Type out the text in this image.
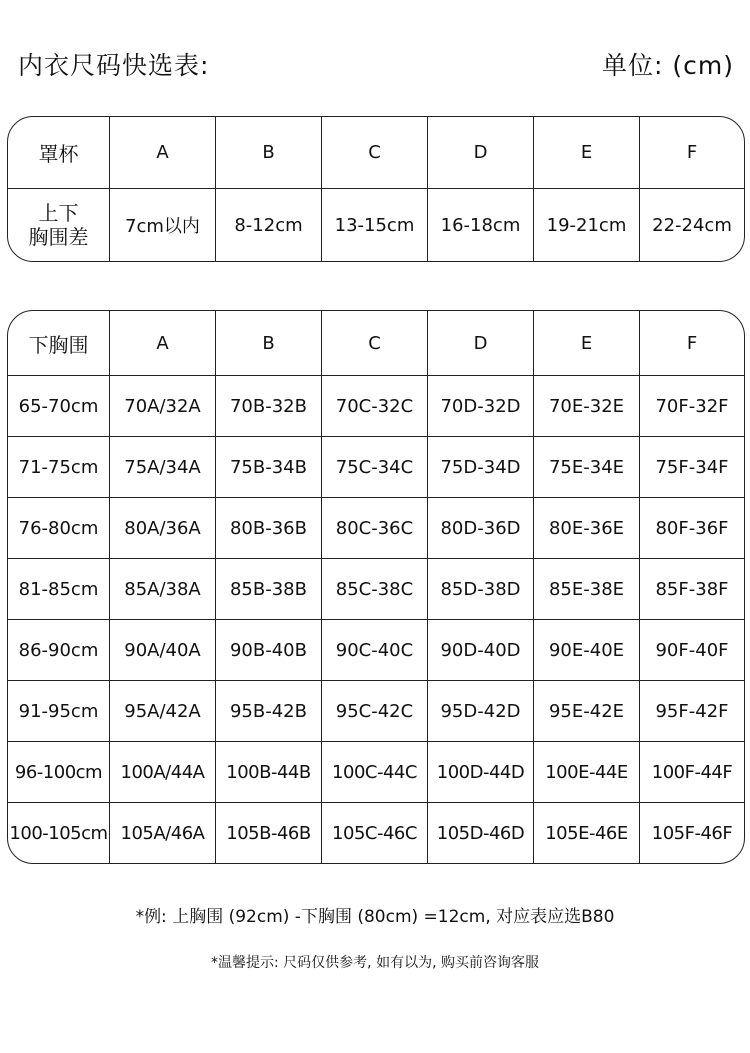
内衣尺码快选表:	单位: (cm)
罩杯	A	B	C	D	E	F
上下
胸围差	7cm以内	8-12cm	13-15cm	16-18cm	19-21cm	22-24cm
下胸围	A	B	C	D	E	F
65-70cm	70A/32A	70B-32B	70C-32C	70D-32D	70E-32E	70F-32F
71-75cm	75A/34A	75B-34B	75C-34C	75D-34D	75E-34E	75F-34F
76-80cm	80A/36A	80B-36B	80C-36C	80D-36D	80E-36E	80F-36F
81-85cm	85A/38A	85B-38B	85C-38C	85D-38D	85E-38E	85F-38F
86-90cm	90A/40A	90B-40B	90C-40C	90D-40D	90E-40E	90F-40F
91-95cm	95A/42A	95B-42B	95C-42C	95D-42D	95E-42E	95F-42F
96-100cm	100A/44A	100B-44B	100C-44C	100D-44D	100E-44E	100F-44F
100-105cm	105A/46A	105B-46B	105C-46C	105D-46D	105E-46E	105F-46F
*例: 上胸围 (92cm) -下胸围 (80cm) =12cm, 对应表应选B80
*温馨提示: 尺码仅供参考, 如有以为, 购买前咨询客服
